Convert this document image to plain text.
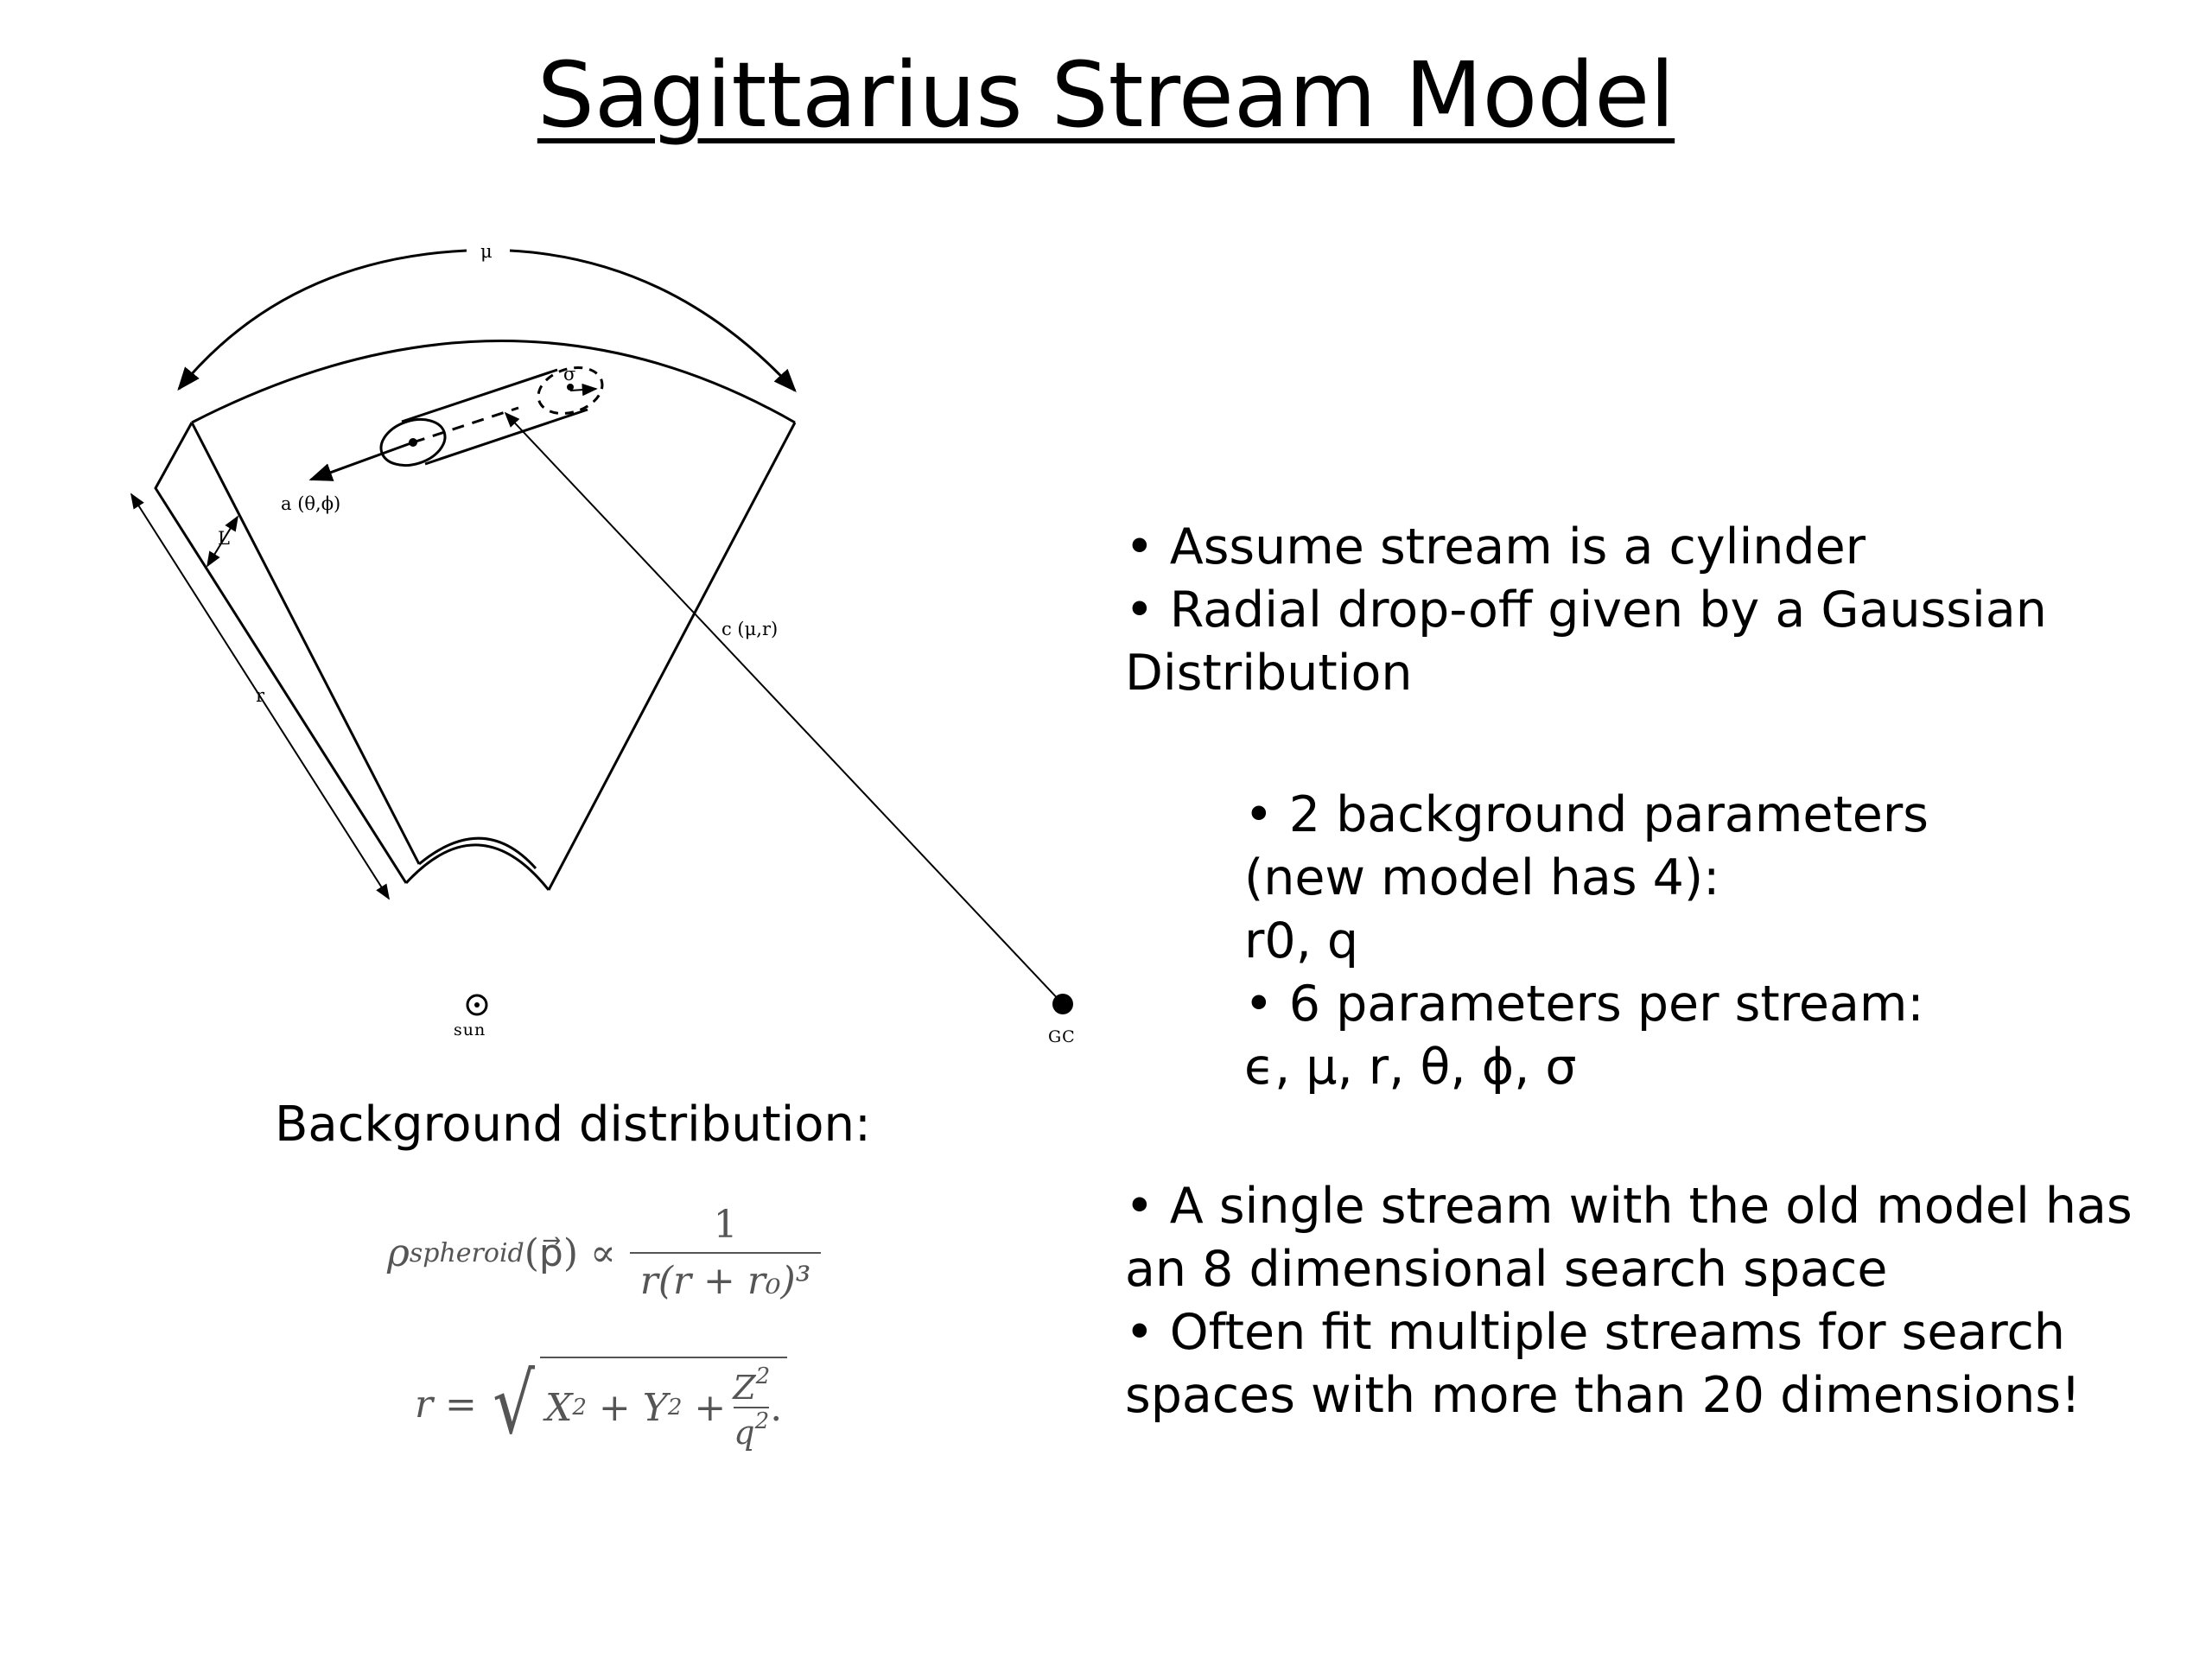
Sagittarius Stream Model
μ
σ
a (θ,ϕ)
c (μ,r)
r
L
sun	GC
Background distribution:
ρ spheroid (p⃗) ∝ $\frac{1}{\text{r(r + r₀)³}}$
r = √ X 2 + Y $2 + \frac{Z^2}{q^2}$ .

• Assume stream is a cylinder

• Radial drop-off given by a Gaussian Distribution

• 2 background parameters

(new model has 4):

r0, q

• 6 parameters per stream:

ϵ, μ, r, θ, ϕ, σ

• A single stream with the old model has an 8 dimensional search space

• Often fit multiple streams for search spaces with more than 20 dimensions!
